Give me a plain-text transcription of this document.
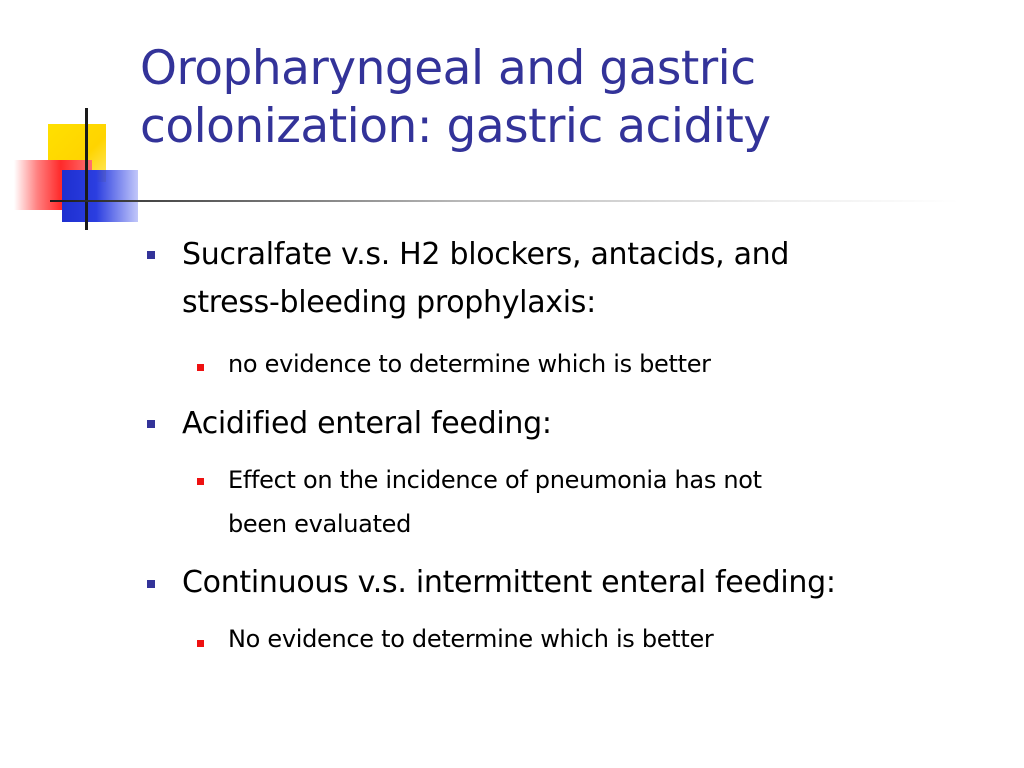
Oropharyngeal and gastric
colonization: gastric acidity
Sucralfate v.s. H2 blockers, antacids, and
stress-bleeding prophylaxis:
no evidence to determine which is better
Acidified enteral feeding:
Effect on the incidence of pneumonia has not
been evaluated
Continuous v.s. intermittent enteral feeding:
No evidence to determine which is better
